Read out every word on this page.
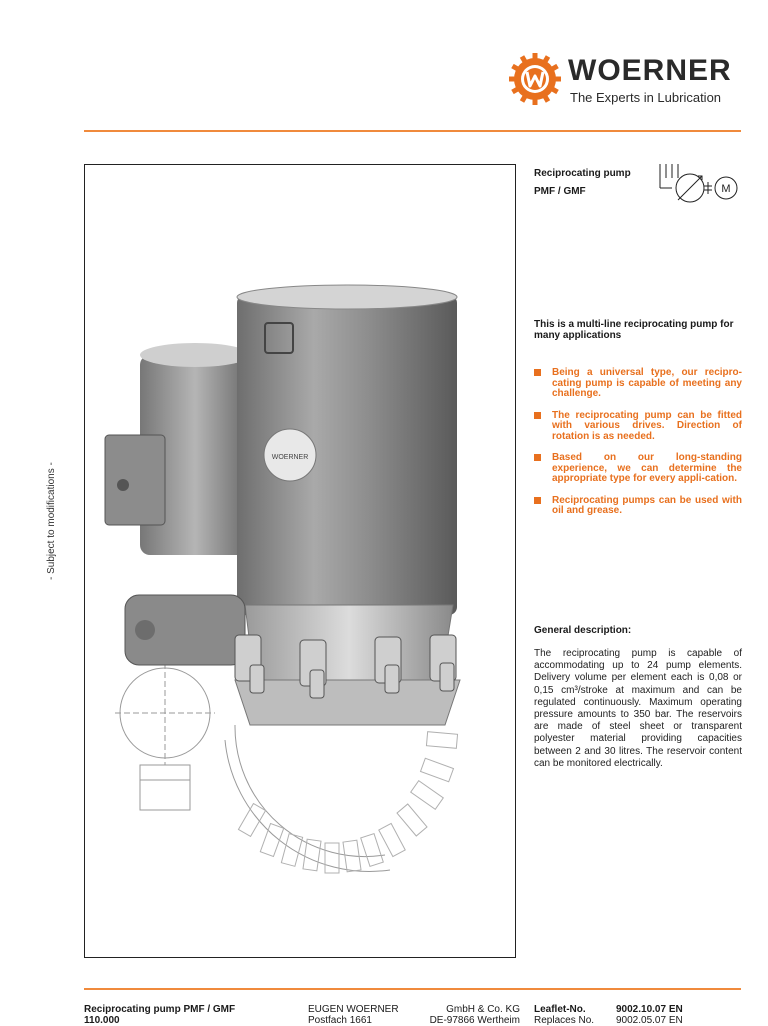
WOERNER
The Experts in Lubrication
- Subject to modifications -
WOERNER
Reciprocating pump
PMF / GMF	M
This is a multi-line reciprocating pump for many applications
Being a universal type, our recipro-cating pump is capable of meeting any challenge.
The reciprocating pump can be fitted with various drives. Direction of rotation is as needed.
Based on our long-standing experience, we can determine the appropriate type for every appli-cation.
Reciprocating pumps can be used with oil and grease.
General description:
The reciprocating pump is capable of accommodating up to 24 pump elements. Delivery volume per element each is 0,08 or 0,15 cm³/stroke at maximum and can be regulated continuously. Maximum operating pressure amounts to 350 bar. The reservoirs are made of steel sheet or transparent polyester material providing capacities between 2 and 30 litres. The reservoir content can be monitored electrically.
Reciprocating pump PMF / GMF
110.000
EUGEN WOERNER	GmbH & Co. KG
Postfach 1661	DE-97866 Wertheim
Leaflet-No.	9002.10.07 EN
Replaces No.	9002.05.07 EN
